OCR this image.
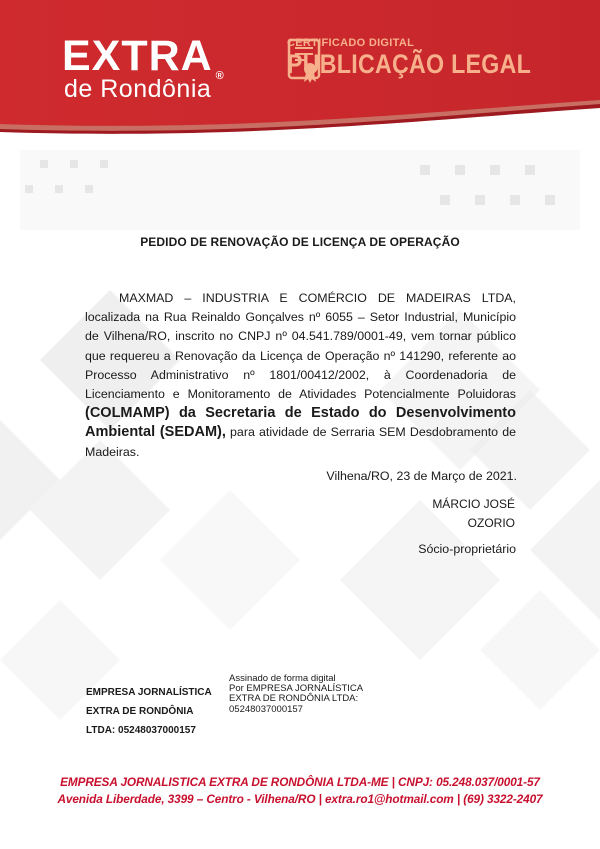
EXTRA ®
de Rondônia
CERTIFICADO DIGITAL
PUBLICAÇÃO LEGAL
PEDIDO DE RENOVAÇÃO DE LICENÇA DE OPERAÇÃO
MAXMAD – INDUSTRIA E COMÉRCIO DE MADEIRAS LTDA, localizada na Rua Reinaldo Gonçalves nº 6055 – Setor Industrial, Município de Vilhena/RO, inscrito no CNPJ nº 04.541.789/0001-49, vem tornar público que requereu a Renovação da Licença de Operação nº 141290, referente ao Processo Administrativo nº 1801/00412/2002, à Coordenadoria de Licenciamento e Monitoramento de Atividades Potencialmente Poluidoras (COLMAMP) da Secretaria de Estado do Desenvolvimento Ambiental (SEDAM), para atividade de Serraria SEM Desdobramento de Madeiras.
Vilhena/RO, 23 de Março de 2021.
MÁRCIO JOSÉ
OZORIO
Sócio-proprietário
EMPRESA JORNALÍSTICA
EXTRA DE RONDÔNIA
LTDA: 05248037000157
Assinado de forma digital
Por EMPRESA JORNALÍSTICA
EXTRA DE RONDÔNIA LTDA:
05248037000157
EMPRESA JORNALISTICA EXTRA DE RONDÔNIA LTDA-ME | CNPJ: 05.248.037/0001-57
Avenida Liberdade, 3399 – Centro - Vilhena/RO | extra.ro1@hotmail.com | (69) 3322-2407
